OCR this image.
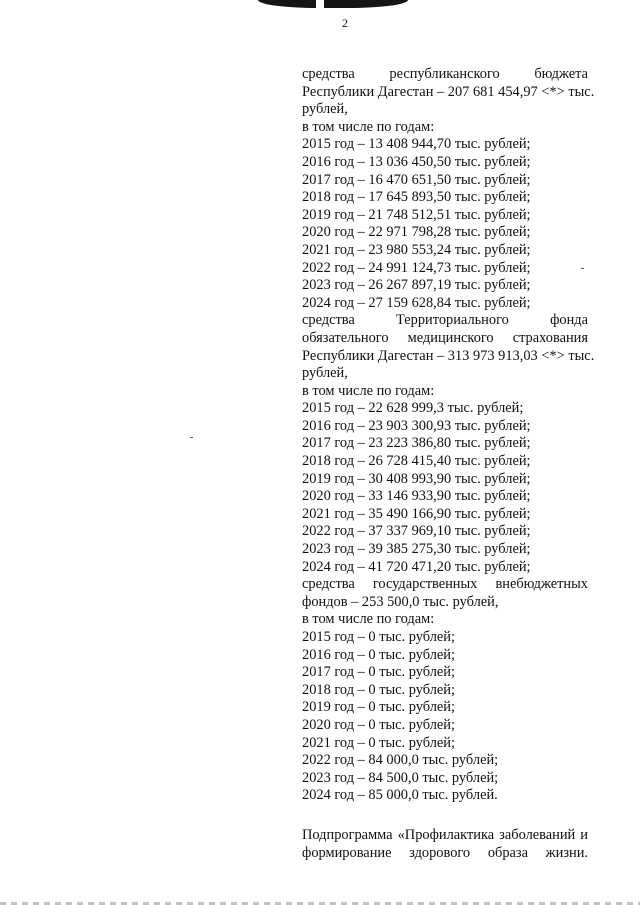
2
средства республиканского бюджета
Республики Дагестан – 207 681 454,97 <*> тыс.
рублей,
в том числе по годам:
2015 год – 13 408 944,70 тыс. рублей;
2016 год – 13 036 450,50 тыс. рублей;
2017 год – 16 470 651,50 тыс. рублей;
2018 год – 17 645 893,50 тыс. рублей;
2019 год – 21 748 512,51 тыс. рублей;
2020 год – 22 971 798,28 тыс. рублей;
2021 год – 23 980 553,24 тыс. рублей;
2022 год – 24 991 124,73 тыс. рублей;
2023 год – 26 267 897,19 тыс. рублей;
2024 год – 27 159 628,84 тыс. рублей;
средства Территориального фонда
обязательного медицинского страхования
Республики Дагестан – 313 973 913,03 <*> тыс.
рублей,
в том числе по годам:
2015 год – 22 628 999,3 тыс. рублей;
2016 год – 23 903 300,93 тыс. рублей;
2017 год – 23 223 386,80 тыс. рублей;
2018 год – 26 728 415,40 тыс. рублей;
2019 год – 30 408 993,90 тыс. рублей;
2020 год – 33 146 933,90 тыс. рублей;
2021 год – 35 490 166,90 тыс. рублей;
2022 год – 37 337 969,10 тыс. рублей;
2023 год – 39 385 275,30 тыс. рублей;
2024 год – 41 720 471,20 тыс. рублей;
средства государственных внебюджетных
фондов – 253 500,0 тыс. рублей,
в том числе по годам:
2015 год – 0 тыс. рублей;
2016 год – 0 тыс. рублей;
2017 год – 0 тыс. рублей;
2018 год – 0 тыс. рублей;
2019 год – 0 тыс. рублей;
2020 год – 0 тыс. рублей;
2021 год – 0 тыс. рублей;
2022 год – 84 000,0 тыс. рублей;
2023 год – 84 500,0 тыс. рублей;
2024 год – 85 000,0 тыс. рублей.
Подпрограмма «Профилактика заболеваний и
формирование здорового образа жизни.
